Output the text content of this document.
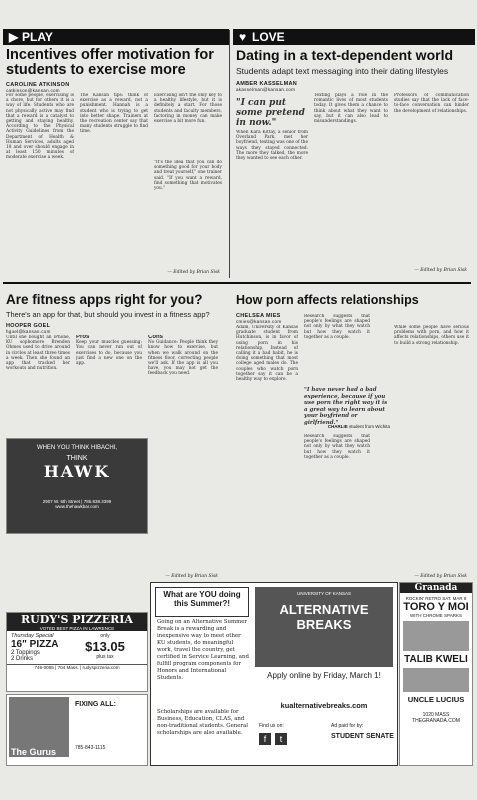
▶ PLAY
Incentives offer motivation for students to exercise more
CAROLINE ATKINSON
catkinson@kansan.com
For some people, exercising is a chore, but for others it is a way of life. Students who are not physically active may find that a reward is a catalyst to getting and staying healthy. According to the Physical Activity Guidelines from the Department of Health & Human Services, adults aged 18 and over should engage in at least 150 minutes of moderate exercise a week.
The Kansan tips: think of exercise as a reward, not a punishment. Hannah is a student who is trying to get into better shape. Trainers at the recreation center say that many students struggle to find time.
Exercising isn't the only key to a healthy lifestyle, but it is definitely a start. For those students and faculty members, factoring in money can make exercise a bit more fun.
"It's the idea that you can do something good for your body and treat yourself," one trainer said. "If you want a reward, find something that motivates you."
— Edited by Brian Sisk
♥ LOVE
Dating in a text-dependent world
Students adapt text messaging into their dating lifestyles
AMBER KASSELMAN
akasselman@kansan.com
"I can put some pretend in now."
When Kara Kittay, a senior from Overland Park, met her boyfriend, texting was one of the ways they stayed connected. The more they talked, the more they wanted to see each other.
Texting plays a role in the romantic lives of most students today. It gives them a chance to think about what they want to say, but it can also lead to misunderstandings.
Professors of communication studies say that the lack of face-to-face conversation can hinder the development of relationships.
— Edited by Brian Sisk
Are fitness apps right for you?
There's an app for that, but should you invest in a fitness app?
HOOPER GOEL
hgoel@kansan.com
Until she bought an iPhone, KU sophomore Brenden Ohmes used to drive around in circles at least three times a week. Then she found an app that tracked her workouts and nutrition.
Pros
Keep your muscles guessing: You can never run out of exercises to do, because you just find a new one on the app.
Cons
No Guidance: People think they know how to exercise, but when we walk around on the fitness floor, correcting people we'll ask. If the app is all you have, you may not get the feedback you need.
— Edited by Brian Sisk
WHEN YOU THINK HIBACHI,
THINK
HAWK
2907 W. 6th Street | 785.838.3399
www.thehawkbar.com
RUDY'S PIZZERIA
VOTED BEST PIZZA IN LAWRENCE
Thursday Special
16" PIZZA
2 Toppings
2 Drinks
only
$13.05
plus tax
749-0055 | 704 Mass. | rudyspizzeria.com
The Gurus
FIXING ALL:
785-843-1115
How porn affects relationships
CHELSEA MIES
cmies@kansan.com
Adam, University of Kansas graduate student from Hutchinson, is in favor of using porn in his relationship. Instead of calling it a bad habit, he is doing something that most college aged males do. The couples who watch porn together say it can be a healthy way to explore.
Research suggests that people's feelings are shaped not only by what they watch but how they watch it together as a couple.
"I have never had a bad experience, because if you use porn the right way it is a great way to learn about your boyfriend or girlfriend."
CHARLIE student from Wichita
Research suggests that people's feelings are shaped not only by what they watch but how they watch it together as a couple.
While some people have serious problems with porn, and how it affects relationships, others use it to build a strong relationship.
— Edited by Brian Sisk
What are YOU doing this Summer?!
Going on an Alternative Summer Break is a rewarding and inexpensive way to meet other KU students, do meaningful work, travel the country, get certified in Service Learning, and fulfill program components for Honors and International Students.
Scholarships are available for Business, Education, CLAS, and non-traditional students. General scholarships are also available.
UNIVERSITY OF KANSAS
ALTERNATIVE
BREAKS
Apply online by Friday, March 1!
kualternativebreaks.com
Find us on:
f	t
Ad paid for by:
STUDENT SENATE
Granada
ROCKIN' RETRO SAT. MAR 8
TORO Y MOI
WITH CHROME SPARKS
TALIB KWELI
UNCLE LUCIUS
1020 MASS
THEGRANADA.COM
